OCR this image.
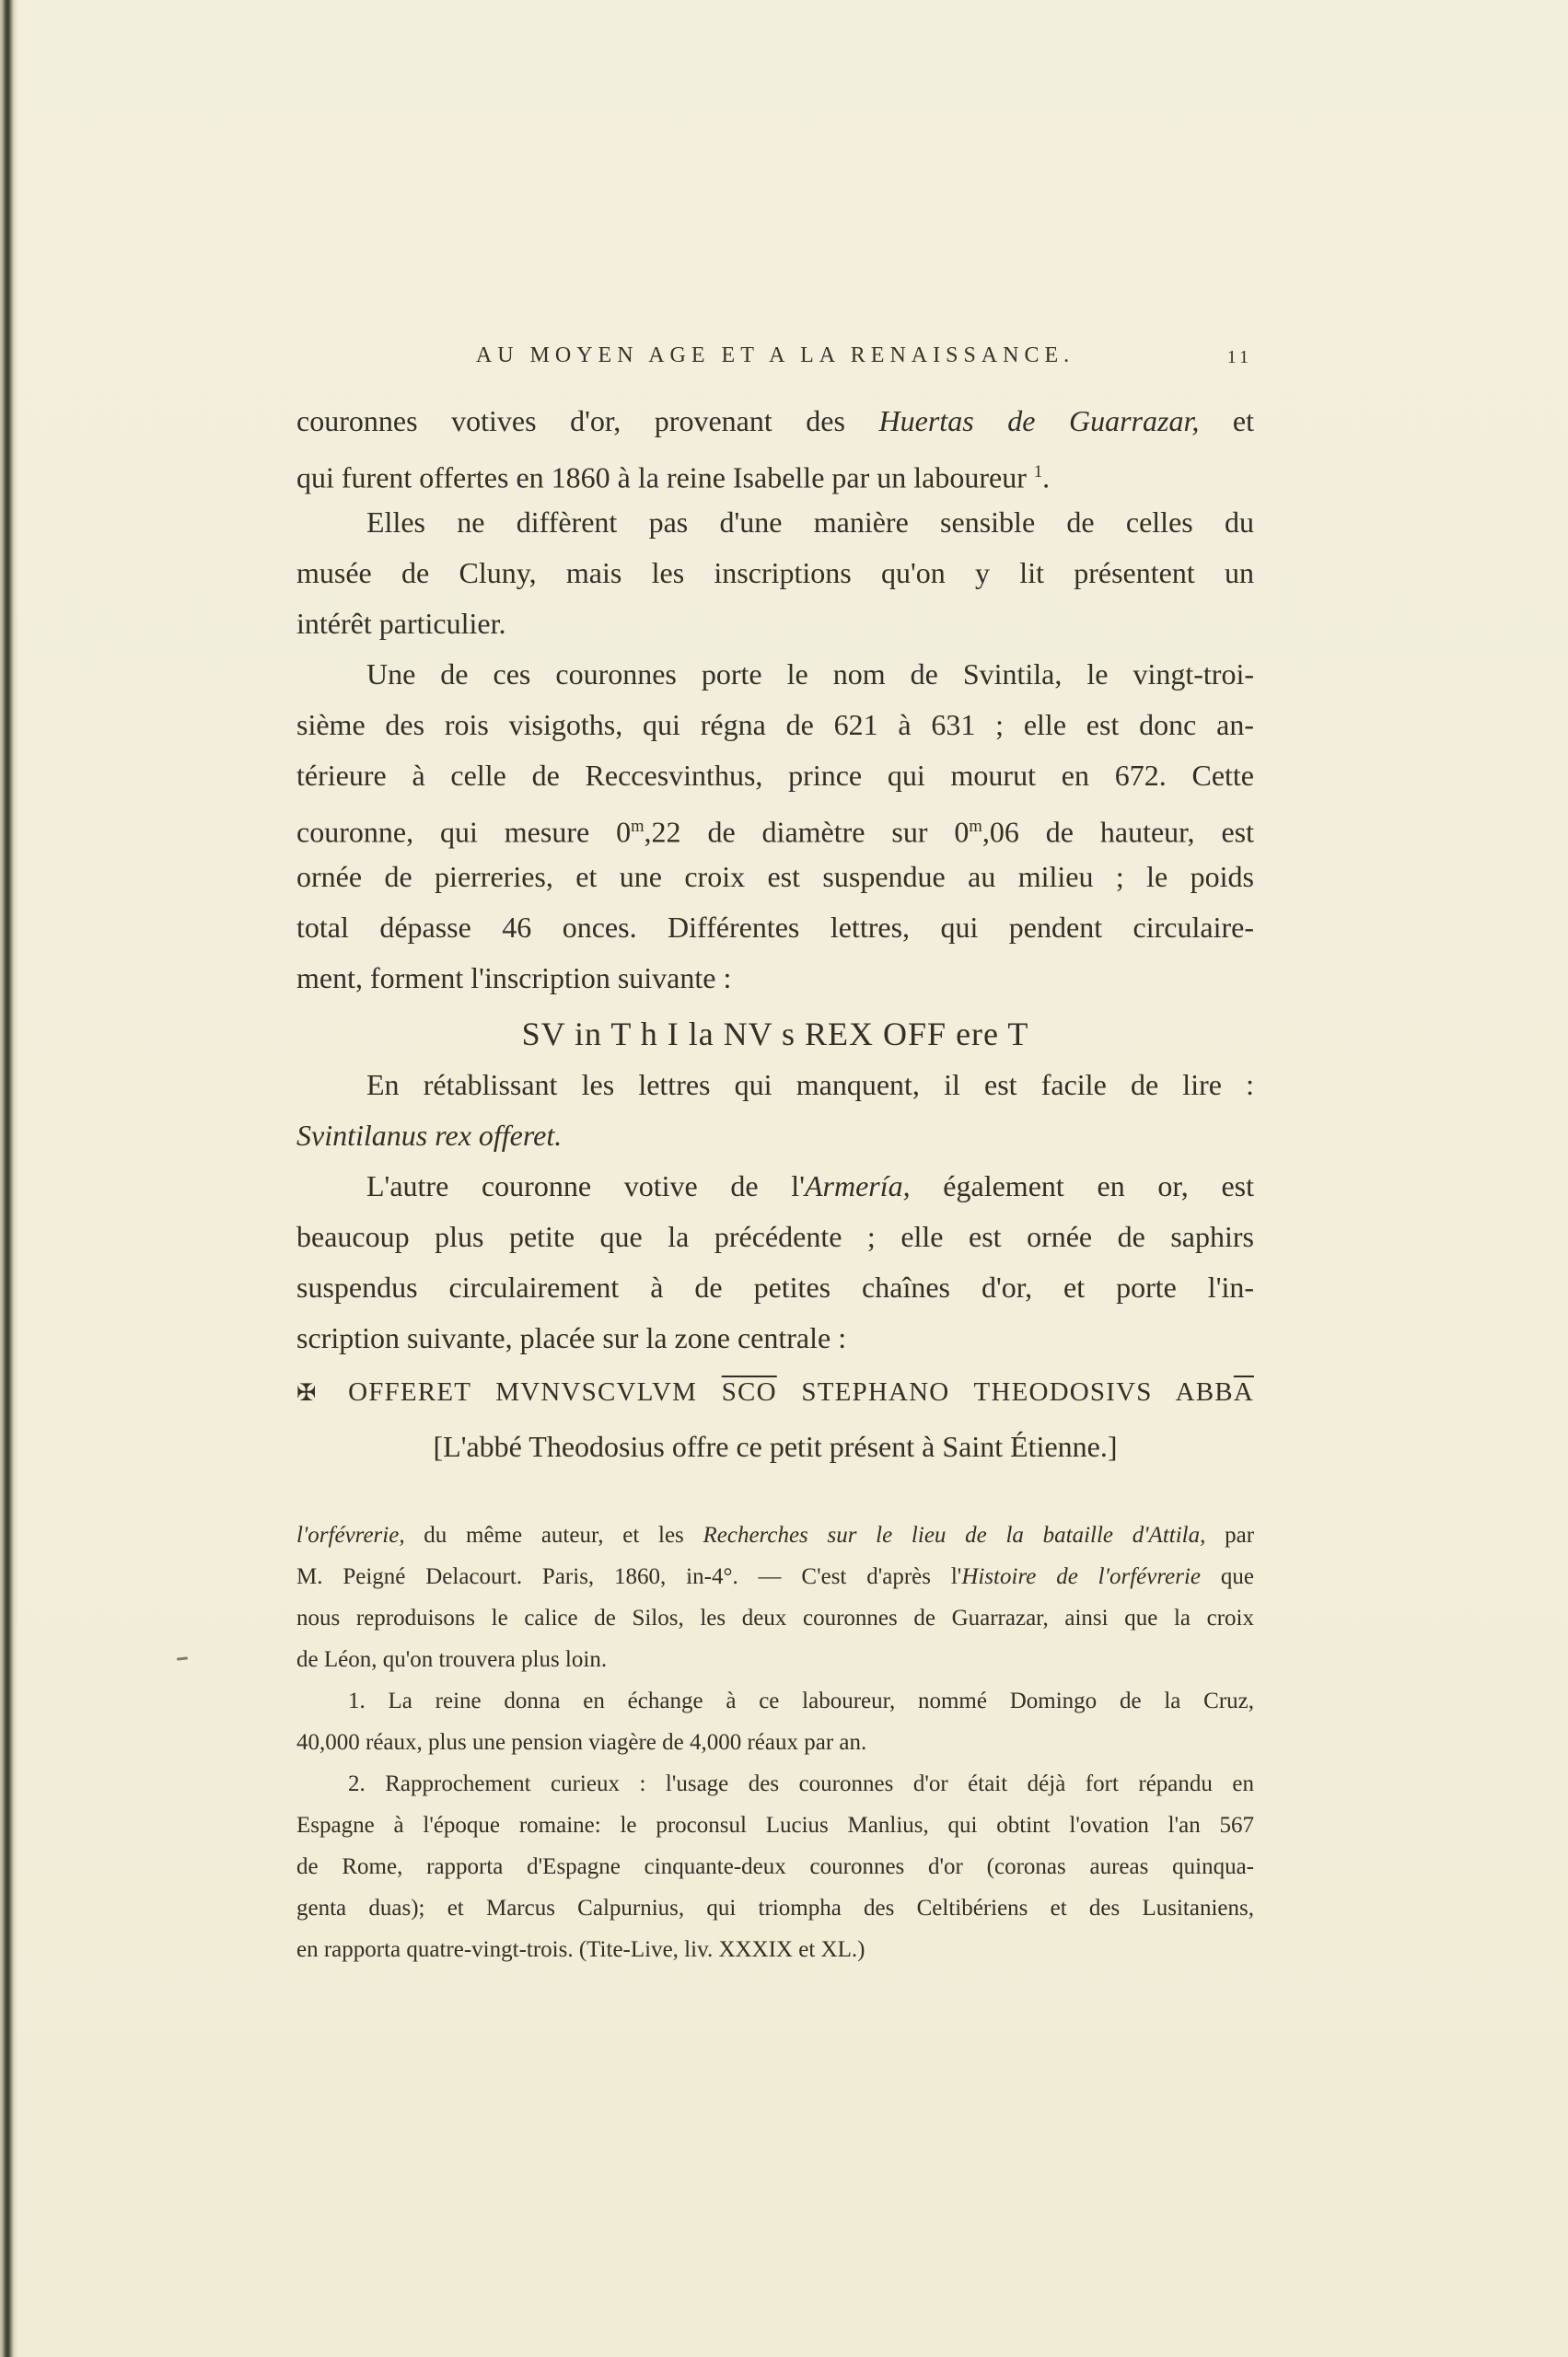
AU MOYEN AGE ET A LA RENAISSANCE.	11
couronnes votives d'or, provenant des Huertas de Guarrazar, et
qui furent offertes en 1860 à la reine Isabelle par un laboureur $^1$.
Elles ne diffèrent pas d'une manière sensible de celles du
musée de Cluny, mais les inscriptions qu'on y lit présentent un
intérêt particulier.
Une de ces couronnes porte le nom de Svintila, le vingt-troi-
sième des rois visigoths, qui régna de 621 à 631 ; elle est donc an-
térieure à celle de Reccesvinthus, prince qui mourut en 672. Cette
couronne, qui mesure 0$^m$,22 de diamètre sur 0$^m$,06 de hauteur, est
ornée de pierreries, et une croix est suspendue au milieu ; le poids
total dépasse 46 onces. Différentes lettres, qui pendent circulaire-
ment, forment l'inscription suivante :
SV in T h I la NV s REX OFF ere T
En rétablissant les lettres qui manquent, il est facile de lire :
Svintilanus rex offeret.
L'autre couronne votive de l'Armería, également en or, est
beaucoup plus petite que la précédente ; elle est ornée de saphirs
suspendus circulairement à de petites chaînes d'or, et porte l'in-
scription suivante, placée sur la zone centrale :
✠ OFFERET MVNVSCVLVM $\overline{SCO}$ STEPHANO THEODOSIVS $ABB\overline{A}$
[L'abbé Theodosius offre ce petit présent à Saint Étienne.]
l'orfévrerie, du même auteur, et les Recherches sur le lieu de la bataille d'Attila, par
M. Peigné Delacourt. Paris, 1860, in-4°. — C'est d'après l'Histoire de l'orfévrerie que
nous reproduisons le calice de Silos, les deux couronnes de Guarrazar, ainsi que la croix
de Léon, qu'on trouvera plus loin.
1. La reine donna en échange à ce laboureur, nommé Domingo de la Cruz,
40,000 réaux, plus une pension viagère de 4,000 réaux par an.
2. Rapprochement curieux : l'usage des couronnes d'or était déjà fort répandu en
Espagne à l'époque romaine: le proconsul Lucius Manlius, qui obtint l'ovation l'an 567
de Rome, rapporta d'Espagne cinquante-deux couronnes d'or (coronas aureas quinqua-
genta duas); et Marcus Calpurnius, qui triompha des Celtibériens et des Lusitaniens,
en rapporta quatre-vingt-trois. (Tite-Live, liv. XXXIX et XL.)
